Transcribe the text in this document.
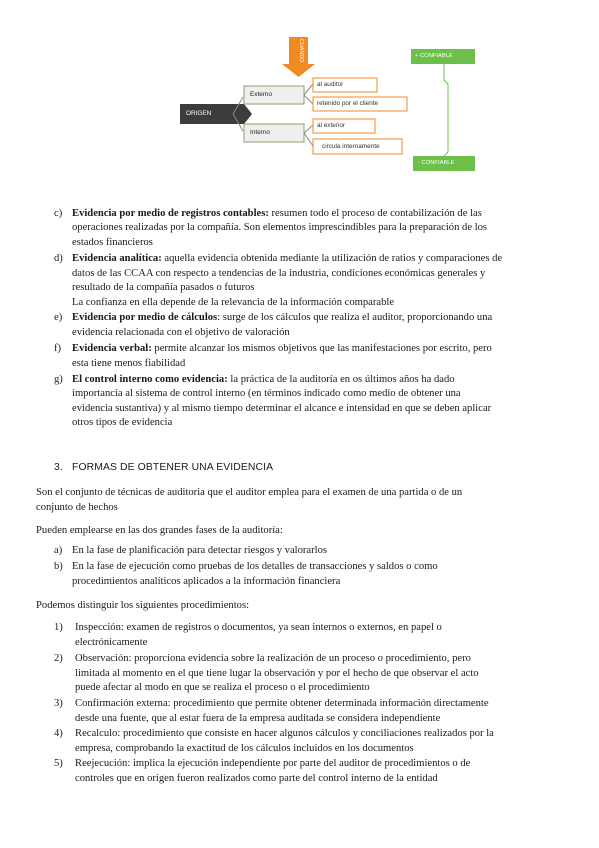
ORIGEN
Externo
Interno
CUÁNDO
al auditor
retenido por el cliente
al exterior
circula internamente
+ CONFIABLE
- CONFIABLE
c) Evidencia por medio de registros contables: resumen todo el proceso de contabilización de las
operaciones realizadas por la compañía. Son elementos imprescindibles para la preparación de los
estados financieros
d) Evidencia analítica: aquella evidencia obtenida mediante la utilización de ratios y comparaciones de
datos de las CCAA con respecto a tendencias de la industria, condiciones económicas generales y
resultado de la compañía pasados o futuros
La confianza en ella depende de la relevancia de la información comparable
e) Evidencia por medio de cálculos: surge de los cálculos que realiza el auditor, proporcionando una
evidencia relacionada con el objetivo de valoración
f) Evidencia verbal: permite alcanzar los mismos objetivos que las manifestaciones por escrito, pero
esta tiene menos fiabilidad
g) El control interno como evidencia: la práctica de la auditoría en os últimos años ha dado
importancia al sistema de control interno (en términos indicado como medio de obtener una
evidencia sustantiva) y al mismo tiempo determinar el alcance e intensidad en que se deben aplicar
otros tipos de evidencia
3. FORMAS DE OBTENER UNA EVIDENCIA
Son el conjunto de técnicas de auditoria que el auditor emplea para el examen de una partida o de un
conjunto de hechos
Pueden emplearse en las dos grandes fases de la auditoría:
a) En la fase de planificación para detectar riesgos y valorarlos
b) En la fase de ejecución como pruebas de los detalles de transacciones y saldos o como
procedimientos analíticos aplicados a la información financiera
Podemos distinguir los siguientes procedimientos:
1) Inspección: examen de registros o documentos, ya sean internos o externos, en papel o
electrónicamente
2) Observación: proporciona evidencia sobre la realización de un proceso o procedimiento, pero
limitada al momento en el que tiene lugar la observación y por el hecho de que observar el acto
puede afectar al modo en que se realiza el proceso o el procedimiento
3) Confirmación externa: procedimiento que permite obtener determinada información directamente
desde una fuente, que al estar fuera de la empresa auditada se considera independiente
4) Recalculo: procedimiento que consiste en hacer algunos cálculos y conciliaciones realizados por la
empresa, comprobando la exactitud de los cálculos incluidos en los documentos
5) Reejecución: implica la ejecución independiente por parte del auditor de procedimientos o de
controles que en origen fueron realizados como parte del control interno de la entidad
